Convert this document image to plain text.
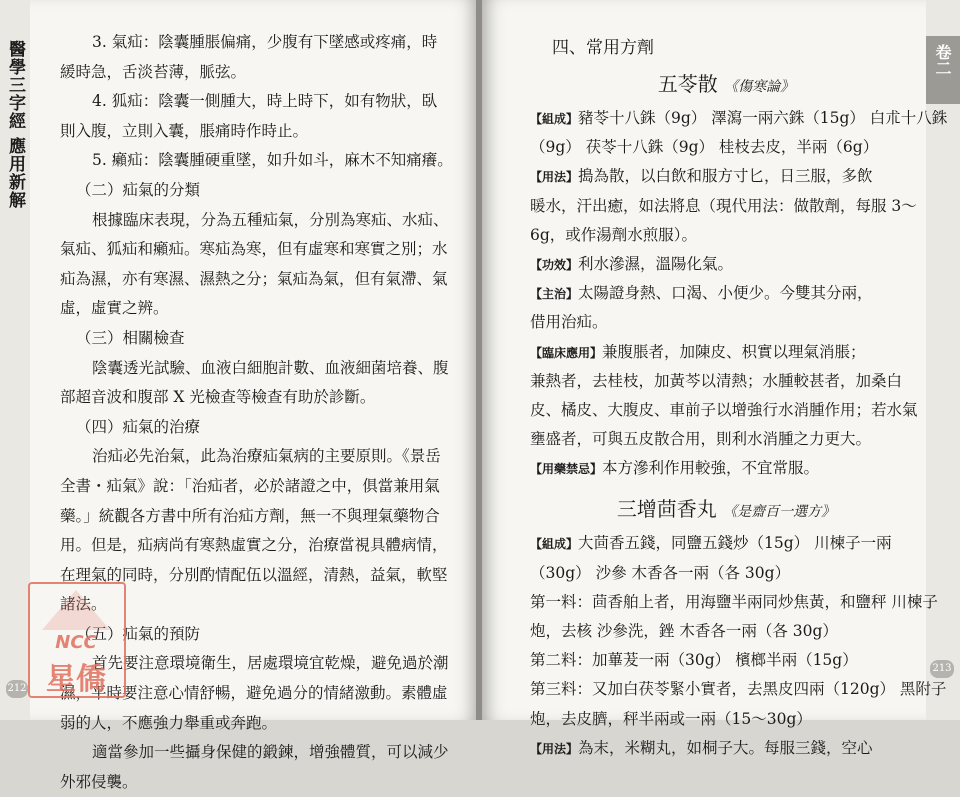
醫學三字經 應用新解
212
3. 氣疝：陰囊腫脹偏痛，少腹有下墜感或疼痛，時
緩時急，舌淡苔薄，脈弦。
4. 狐疝：陰囊一側腫大，時上時下，如有物狀，臥
則入腹，立則入囊，脹痛時作時止。
5. 癩疝：陰囊腫硬重墜，如升如斗，麻木不知痛癢。
（二）疝氣的分類
根據臨床表現，分為五種疝氣，分別為寒疝、水疝、
氣疝、狐疝和癩疝。寒疝為寒，但有虛寒和寒實之別；水
疝為濕，亦有寒濕、濕熱之分；氣疝為氣，但有氣滯、氣
虛，虛實之辨。
（三）相關檢查
陰囊透光試驗、血液白細胞計數、血液細菌培養、腹
部超音波和腹部 X 光檢查等檢查有助於診斷。
（四）疝氣的治療
治疝必先治氣，此為治療疝氣病的主要原則。《景岳
全書・疝氣》說：「治疝者，必於諸證之中，俱當兼用氣
藥。」統觀各方書中所有治疝方劑，無一不與理氣藥物合
用。但是，疝病尚有寒熱虛實之分，治療當視具體病情，
在理氣的同時，分別酌情配伍以溫經，清熱，益氣，軟堅
諸法。
（五）疝氣的預防
首先要注意環境衛生，居處環境宜乾燥，避免過於潮
濕，平時要注意心情舒暢，避免過分的情緒激動。素體虛
弱的人，不應強力舉重或奔跑。
適當參加一些攝身保健的鍛鍊，增強體質，可以減少
外邪侵襲。
NCC
星僑
卷二
213
四、常用方劑
五苓散 《傷寒論》
【組成】豬苓十八銖（9g） 澤瀉一兩六銖（15g） 白朮十八銖
（9g） 茯苓十八銖（9g） 桂枝去皮，半兩（6g）
【用法】搗為散，以白飲和服方寸匕，日三服，多飲
暖水，汗出癒，如法將息（現代用法：做散劑，每服 3～
6g，或作湯劑水煎服）。
【功效】利水滲濕，溫陽化氣。
【主治】太陽證身熱、口渴、小便少。今雙其分兩，
借用治疝。
【臨床應用】兼腹脹者，加陳皮、枳實以理氣消脹；
兼熱者，去桂枝，加黃芩以清熱；水腫較甚者，加桑白
皮、橘皮、大腹皮、車前子以增強行水消腫作用；若水氣
壅盛者，可與五皮散合用，則利水消腫之力更大。
【用藥禁忌】本方滲利作用較強，不宜常服。
三增茴香丸 《是齋百一選方》
【組成】大茴香五錢，同鹽五錢炒（15g） 川楝子一兩
（30g） 沙參 木香各一兩（各 30g）
第一料：茴香舶上者，用海鹽半兩同炒焦黃，和鹽秤 川楝子
炮，去核 沙參洗，銼 木香各一兩（各 30g）
第二料：加蓽茇一兩（30g） 檳榔半兩（15g）
第三料：又加白茯苓緊小實者，去黑皮四兩（120g） 黑附子
炮，去皮臍，秤半兩或一兩（15～30g）
【用法】為末，米糊丸，如桐子大。每服三錢，空心
